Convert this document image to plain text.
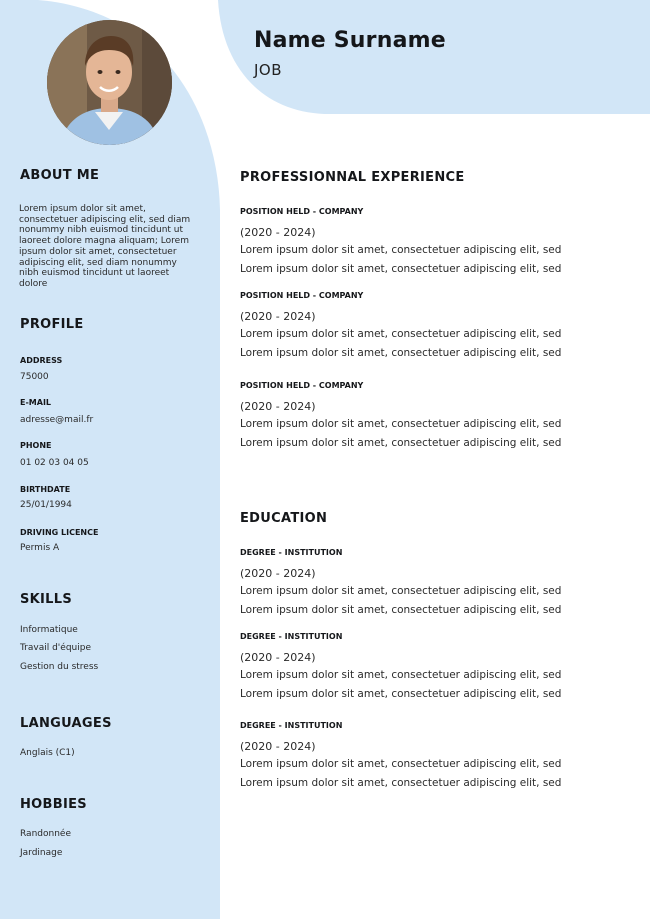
Name Surname
JOB
ABOUT ME
Lorem ipsum dolor sit amet,
consectetuer adipiscing elit, sed diam
nonummy nibh euismod tincidunt ut
laoreet dolore magna aliquam; Lorem
ipsum dolor sit amet, consectetuer
adipiscing elit, sed diam nonummy
nibh euismod tincidunt ut laoreet
dolore
PROFILE
ADDRESS
75000
E-MAIL
adresse@mail.fr
PHONE
01 02 03 04 05
BIRTHDATE
25/01/1994
DRIVING LICENCE
Permis A
SKILLS
Informatique
Travail d'équipe
Gestion du stress
LANGUAGES
Anglais (C1)
HOBBIES
Randonnée
Jardinage
PROFESSIONNAL EXPERIENCE
POSITION HELD - COMPANY
(2020 - 2024)
Lorem ipsum dolor sit amet, consectetuer adipiscing elit, sed
Lorem ipsum dolor sit amet, consectetuer adipiscing elit, sed
POSITION HELD - COMPANY
(2020 - 2024)
Lorem ipsum dolor sit amet, consectetuer adipiscing elit, sed
Lorem ipsum dolor sit amet, consectetuer adipiscing elit, sed
POSITION HELD - COMPANY
(2020 - 2024)
Lorem ipsum dolor sit amet, consectetuer adipiscing elit, sed
Lorem ipsum dolor sit amet, consectetuer adipiscing elit, sed
EDUCATION
DEGREE - INSTITUTION
(2020 - 2024)
Lorem ipsum dolor sit amet, consectetuer adipiscing elit, sed
Lorem ipsum dolor sit amet, consectetuer adipiscing elit, sed
DEGREE - INSTITUTION
(2020 - 2024)
Lorem ipsum dolor sit amet, consectetuer adipiscing elit, sed
Lorem ipsum dolor sit amet, consectetuer adipiscing elit, sed
DEGREE - INSTITUTION
(2020 - 2024)
Lorem ipsum dolor sit amet, consectetuer adipiscing elit, sed
Lorem ipsum dolor sit amet, consectetuer adipiscing elit, sed
